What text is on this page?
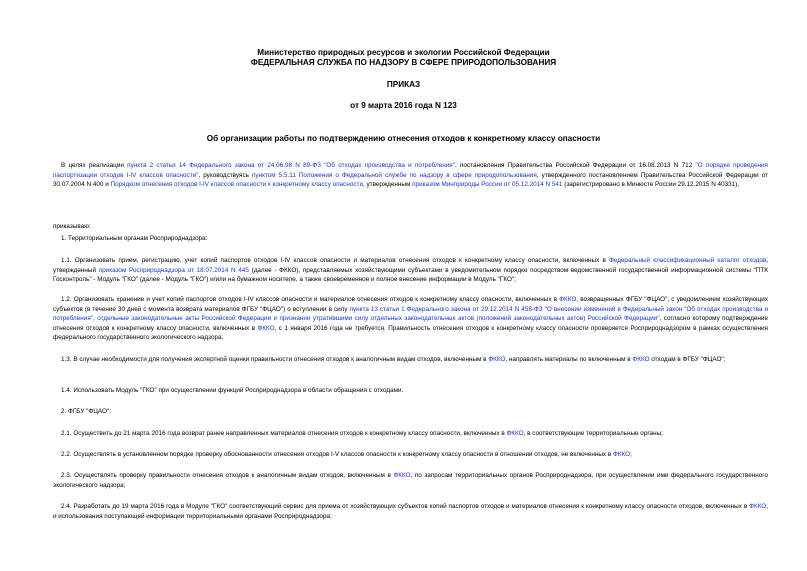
Министерство природных ресурсов и экологии Российской Федерации
ФЕДЕРАЛЬНАЯ СЛУЖБА ПО НАДЗОРУ В СФЕРЕ ПРИРОДОПОЛЬЗОВАНИЯ
ПРИКАЗ
от 9 марта 2016 года N 123
Об организации работы по подтверждению отнесения отходов к конкретному классу опасности

В целях реализации пункта 2 статьи 14 Федерального закона от 24.06.98 N 89-ФЗ "Об отходах производства и потребления", постановления Правительства Российской Федерации от 16.08.2013 N 712 "О порядке проведения паспортизации отходов I-IV классов опасности", руководствуясь пунктом 5.5.11 Положения о Федеральной службе по надзору в сфере природопользования, утвержденного постановлением Правительства Российской Федерации от 30.07.2004 N 400 и Порядком отнесения отходов I-IV классов опасности к конкретному классу опасности, утвержденным приказом Минприроды России от 05.12.2014 N 541 (зарегистрировано в Минюсте России 29.12.2015 N 40331),

приказываю:

1. Территориальным органам Росприроднадзора:

1.1. Организовать прием, регистрацию, учет копий паспортов отходов I-IV классов опасности и материалов отнесения отходов к конкретному классу опасности, включенных в Федеральный классификационный каталог отходов, утвержденный приказом Росприроднадзора от 18.07.2014 N 445 (далее - ФККО), представляемых хозяйствующими субъектами в уведомительном порядке посредством ведомственной государственной информационной системы "ПТК Госконтроль" - Модуль "ГКО" (далее - Модуль "ГКО") и/или на бумажном носителе, а также своевременное и полное внесение информации в Модуль "ГКО";

1.2. Организовать хранение и учет копий паспортов отходов I-IV классов опасности и материалов отнесения отходов к конкретному классу опасности, включенных в ФККО, возвращенных ФГБУ "ФЦАО", с уведомлением хозяйствующих субъектов (в течение 30 дней с момента возврата материалов ФГБУ "ФЦАО") о вступлении в силу пункта 13 статьи 1 Федерального закона от 29.12.2014 N 458-ФЗ "О внесении изменений в Федеральный закон "Об отходах производства и потребления", отдельные законодательные акты Российской Федерации и признании утратившими силу отдельных законодательных актов (положений законодательных актов) Российской Федерации", согласно которому подтверждение отнесения отходов к конкретному классу опасности, включенных в ФККО, с 1 января 2016 года не требуется. Правильность отнесения отходов к конкретному классу опасности проверяется Росприроднадзором в рамках осуществления федерального государственного экологического надзора;

1.3. В случае необходимости для получения экспертной оценки правильности отнесения отходов к аналогичным видам отходов, включенным в ФККО, направлять материалы по включенным в ФККО отходам в ФГБУ "ФЦАО";

1.4. Использовать Модуль "ГКО" при осуществлении функций Росприроднадзора в области обращения с отходами.

2. ФГБУ "ФЦАО":

2.1. Осуществить до 21 марта 2016 года возврат ранее направленных материалов отнесения отходов к конкретному классу опасности, включенных в ФККО, в соответствующие территориальные органы;

2.2. Осуществлять в установленном порядке проверку обоснованности отнесения отходов I-V классов опасности к конкретному классу опасности в отношении отходов, не включенных в ФККО;

2.3. Осуществлять проверку правильности отнесения отходов к аналогичным видам отходов, включенным в ФККО, по запросам территориальных органов Росприроднадзора, при осуществлении ими федерального государственного экологического надзора;

2.4. Разработать до 19 марта 2016 года в Модуле "ГКО" соответствующий сервис для приема от хозяйствующих субъектов копий паспортов отходов и материалов отнесения к конкретному классу опасности отходов, включенных в ФККО, и использования поступающей информации территориальными органами Росприроднадзора;
